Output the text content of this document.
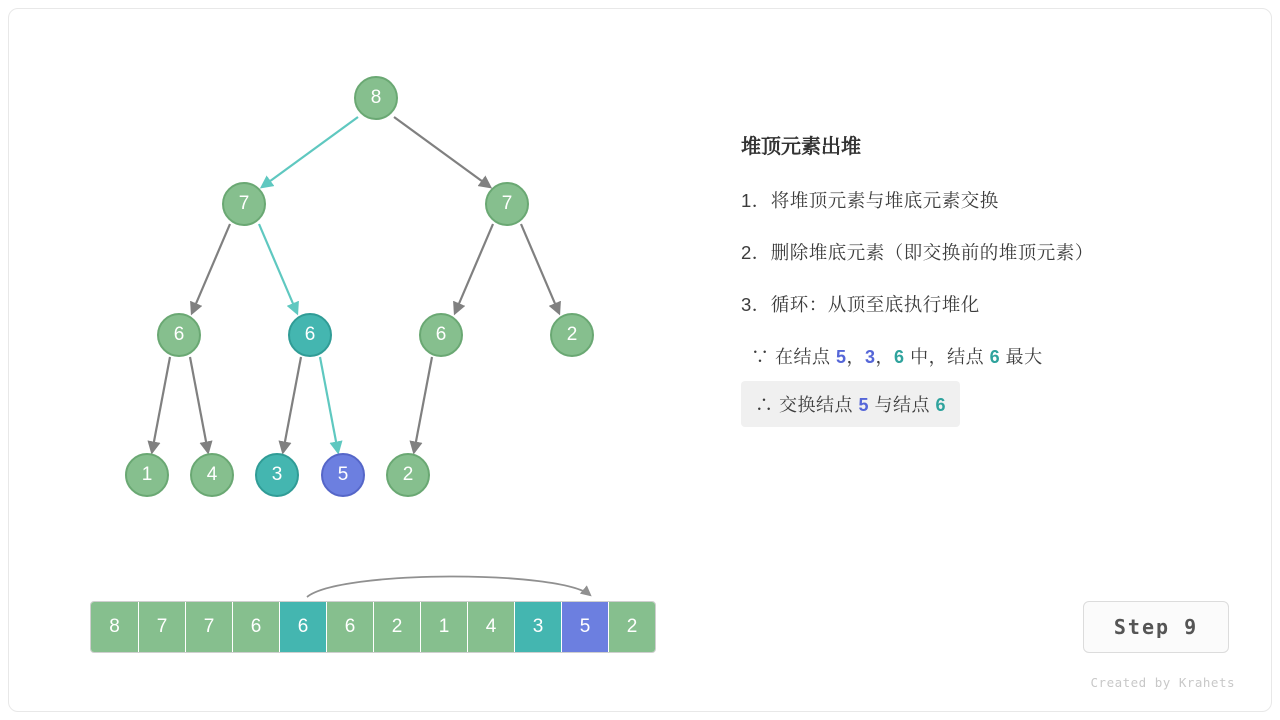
8
7	7
6	6	6	2
1	4	3	5	2
8	7	7	6	6	6	2	1	4	3	5	2
堆顶元素出堆
1．将堆顶元素与堆底元素交换
2．删除堆底元素（即交换前的堆顶元素）
3．循环：从顶至底执行堆化
∵ 在结点 5，3，6 中，结点 6 最大
∴ 交换结点 5 与结点 6
Step 9
Created by Krahets
